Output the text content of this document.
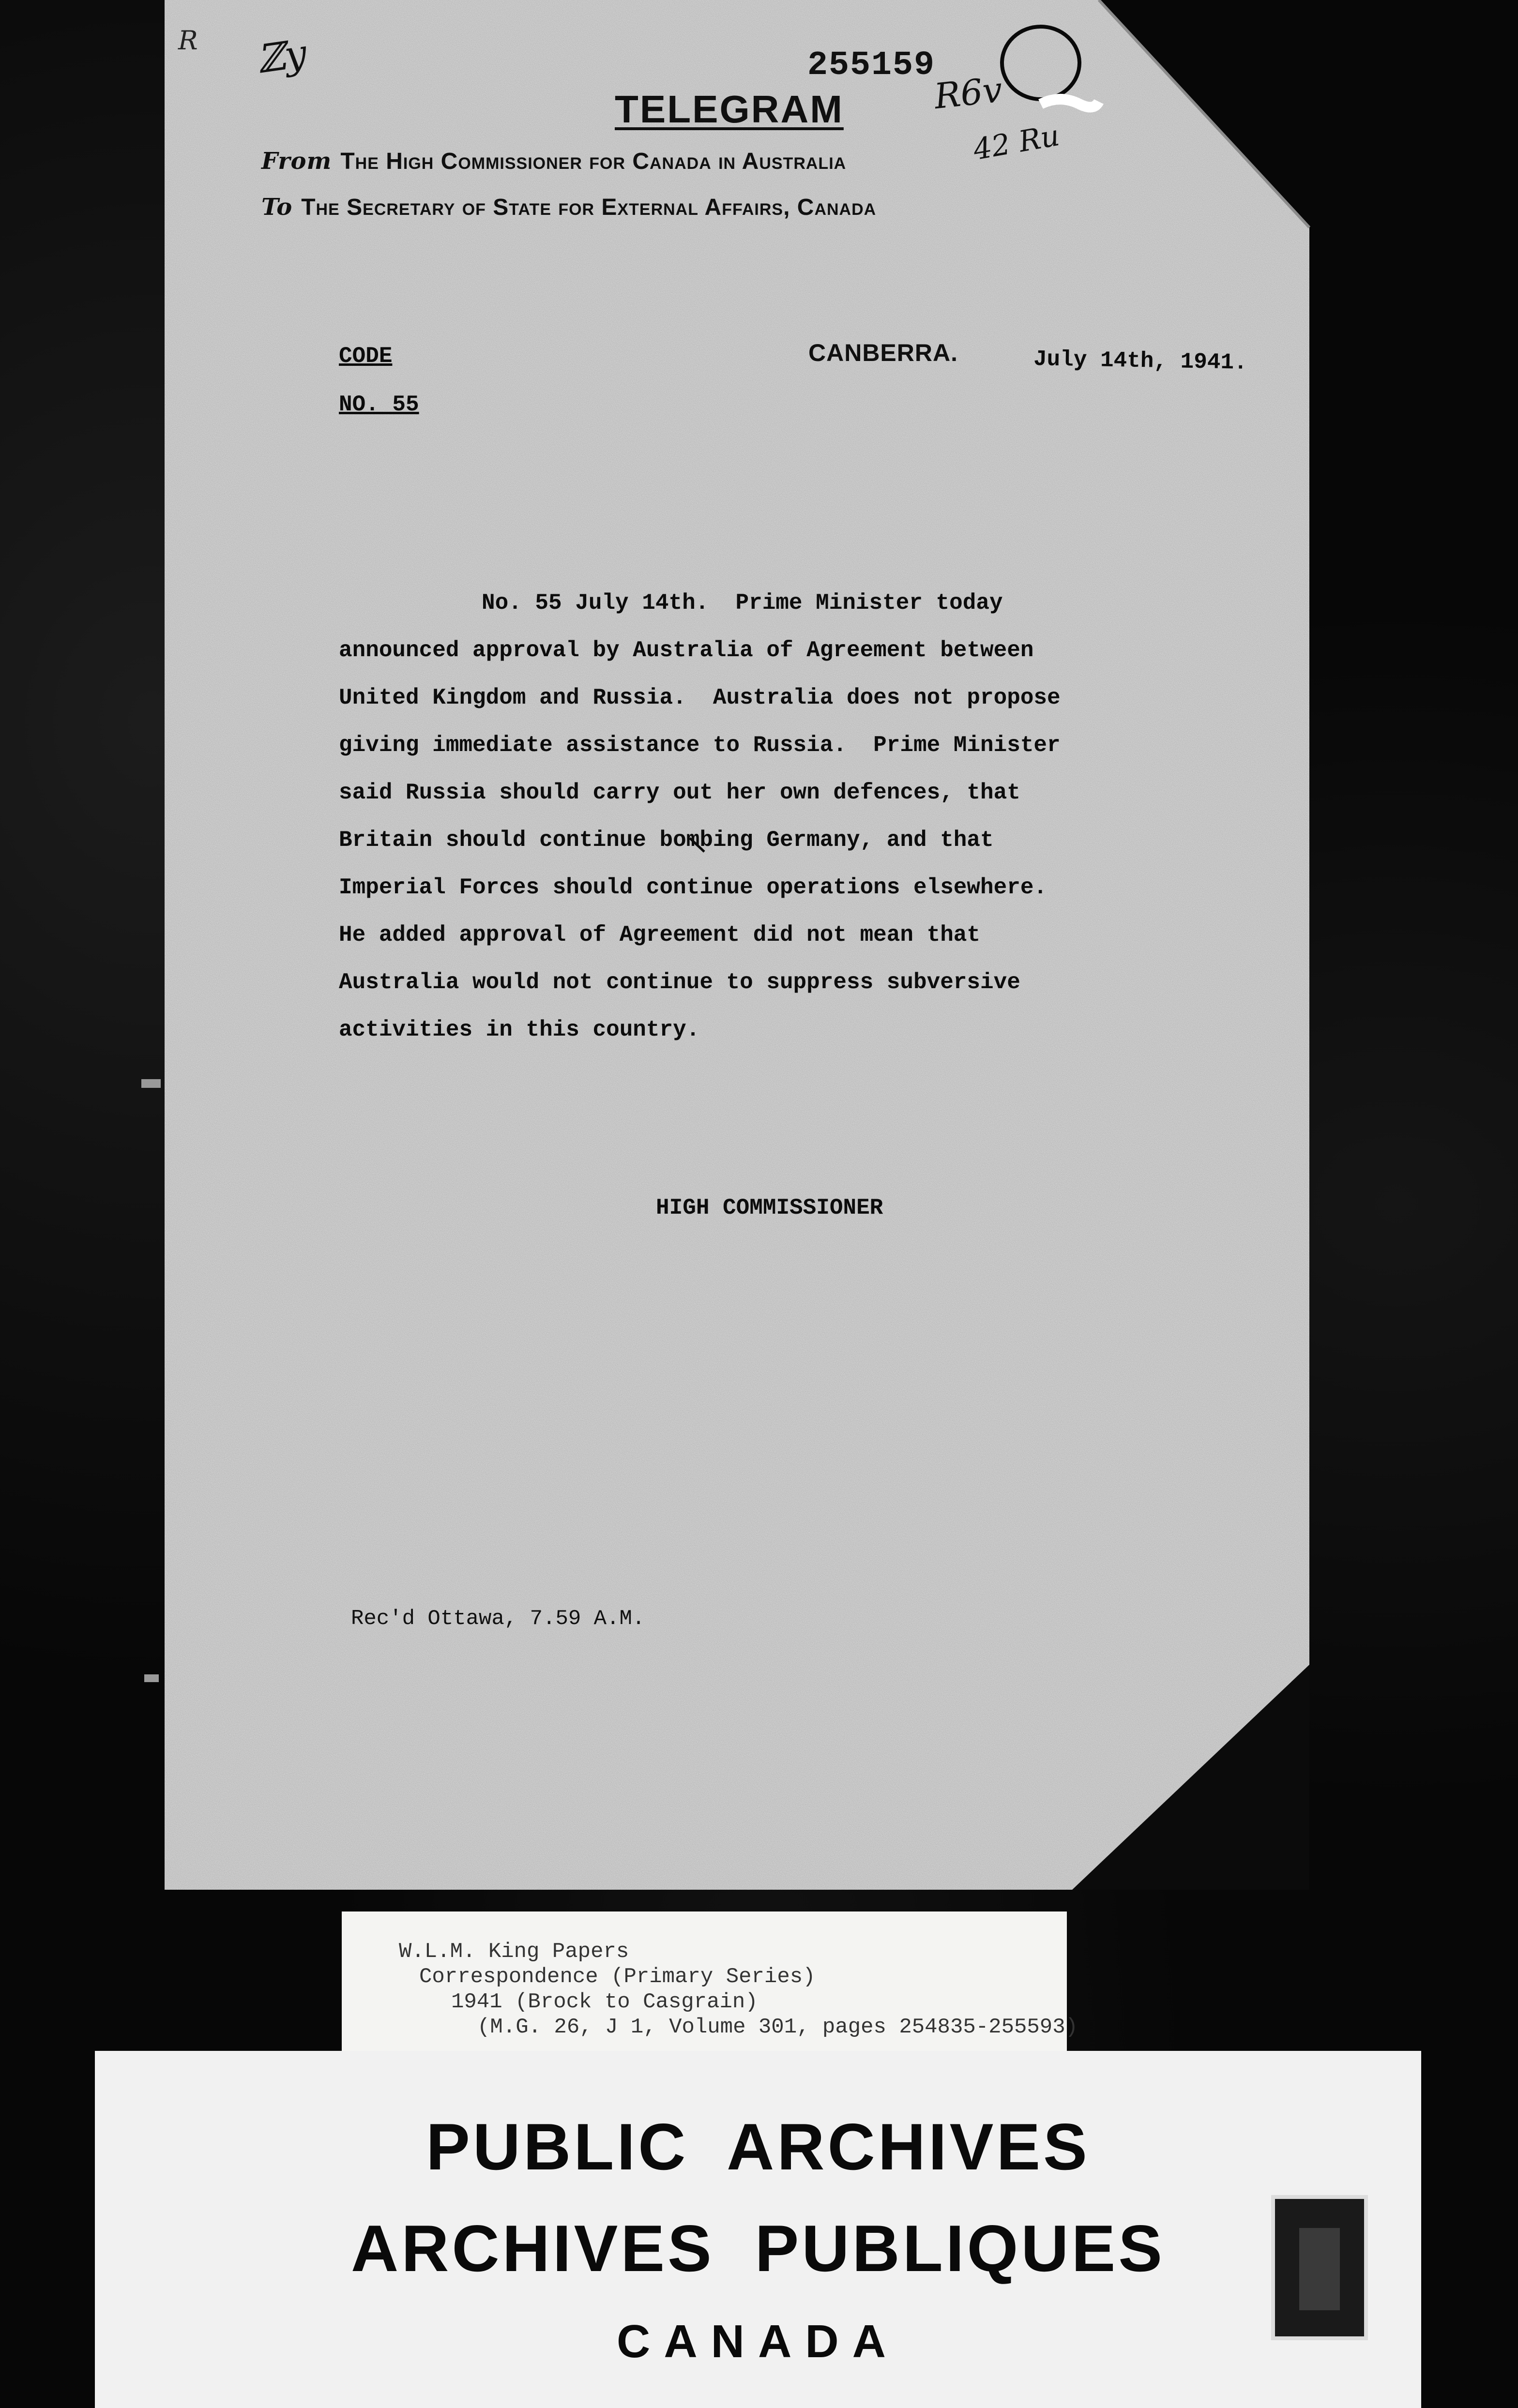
255159
R6v
R ℤy
42 Ru
TELEGRAM
From The High Commissioner for Canada in Australia
To The Secretary of State for External Affairs, Canada
CODE
NO. 55
CANBERRA.	July 14th, 1941.
No. 55 July 14th.  Prime Minister today
announced approval by Australia of Agreement between
United Kingdom and Russia.  Australia does not propose
giving immediate assistance to Russia.  Prime Minister
said Russia should carry out her own defences, that
Britain should continue bombing Germany, and that
Imperial Forces should continue operations elsewhere.
He added approval of Agreement did not mean that
Australia would not continue to suppress subversive
activities in this country.
HIGH COMMISSIONER
Rec'd Ottawa, 7.59 A.M.
W.L.M. King Papers
Correspondence (Primary Series)
1941 (Brock to Casgrain)
(M.G. 26, J 1, Volume 301, pages 254835-255593)
PUBLIC ARCHIVES
ARCHIVES PUBLIQUES
CANADA
